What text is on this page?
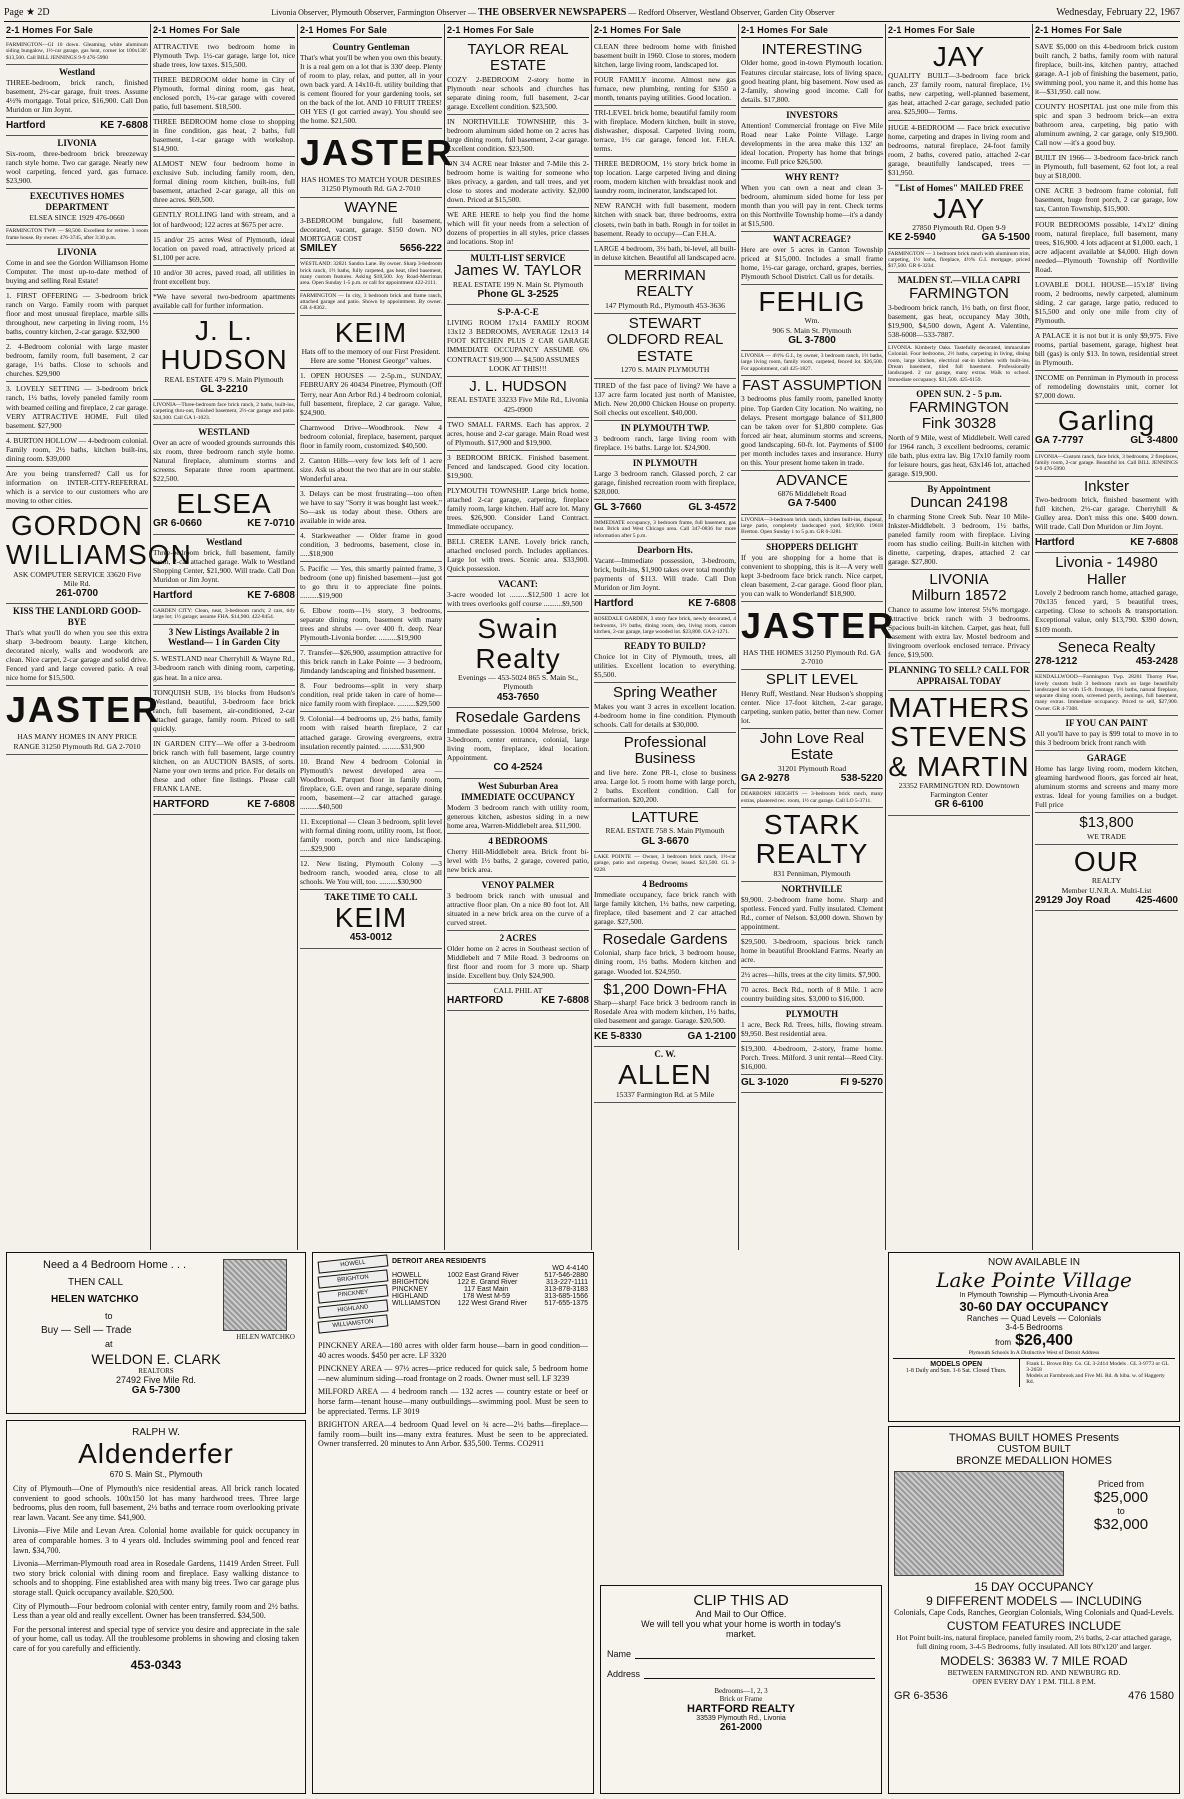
Page ★ 2D	Livonia Observer, Plymouth Observer, Farmington Observer — THE OBSERVER NEWSPAPERS — Redford Observer, Westland Observer, Garden City Observer	Wednesday, February 22, 1967
2-1 Homes For Sale

FARMINGTON—GI 10 down. Gleaming, white aluminum siding bungalow, 1½-car garage, gas heat, corner lot 100x130'. $13,500. Call BILL JENNINGS 9-9 476-5990

Westland

THREE-bedroom, brick ranch, finished basement, 2½-car garage, fruit trees. Assume 4½% mortgage. Total price, $16,900. Call Don Muridon or Jim Joynt.

Hartford	KE 7-6808
LIVONIA

Six-room, three-bedroom brick breezeway ranch style home. Two car garage. Nearly new wool carpeting, fenced yard, gas furnace. $23,900.

EXECUTIVES HOMES DEPARTMENT
ELSEA SINCE 1929 476-0660

FARMINGTON TWP. — $8,500. Excellent for retiree. 3 room frame house. By owner. 476-3745, after 3:30 p.m.

LIVONIA

Come in and see the Gordon Williamson Home Computer. The most up-to-date method of buying and selling Real Estate!

1. FIRST OFFERING — 3-bedroom brick ranch on Vargo. Family room with parquet floor and most unusual fireplace, marble sills throughout, new carpeting in living room, 1½ baths, country kitchen, 2-car garage. $32,900

2. 4-Bedroom colonial with large master bedroom, family room, full basement, 2 car garage, 1½ baths. Close to schools and churches. $29,900

3. LOVELY SETTING — 3-bedroom brick ranch, 1½ baths, lovely paneled family room with beamed ceiling and fireplace, 2 car garage. VERY ATTRACTIVE HOME. Full tiled basement. $27,900

4. BURTON HOLLOW — 4-bedroom colonial. Family room, 2½ baths, kitchen built-ins, dining room. $39,000

Are you being transferred? Call us for information on INTER-CITY-REFERRAL which is a service to our customers who are moving to other cities.

GORDON WILLIAMSON
ASK COMPUTER SERVICE 33620 Five Mile Rd.
261-0700
KISS THE LANDLORD GOOD-BYE

That's what you'll do when you see this extra sharp 3-bedroom beauty. Large kitchen, decorated nicely, walls and woodwork are clean. Nice carpet, 2-car garage and solid drive. Fenced yard and large covered patio. A real nice home for $15,500.

JASTER
HAS MANY HOMES IN ANY PRICE RANGE 31250 Plymouth Rd. GA 2-7010
2-1 Homes For Sale

ATTRACTIVE two bedroom home in Plymouth Twp. 1½-car garage, large lot, nice shade trees, low taxes. $15,500.

THREE BEDROOM older home in City of Plymouth, formal dining room, gas heat, enclosed porch, 1½-car garage with covered patio, full basement. $18,500.

THREE BEDROOM home close to shopping in fine condition, gas heat, 2 baths, full basement, 1-car garage with workshop. $14,900.

ALMOST NEW four bedroom home in exclusive Sub. including family room, den, formal dining room kitchen, built-ins, full basement, attached 2-car garage, all this on three acres. $69,500.

GENTLY ROLLING land with stream, and a lot of hardwood; 122 acres at $675 per acre.

15 and/or 25 acres West of Plymouth, ideal location on paved road, attractively priced at $1,100 per acre.

10 and/or 30 acres, paved road, all utilities in front excellent buy.

*We have several two-bedroom apartments available call for further information.

J. L. HUDSON
REAL ESTATE 479 S. Main Plymouth
GL 3-2210

LIVONIA—Three-bedroom face brick ranch, 2 baths, built-ins, carpeting thru-out, finished basement, 2½-car garage and patio. $24,300. Call GA 1-1023.

WESTLAND

Over an acre of wooded grounds surrounds this six room, three bedroom ranch style home. Natural fireplace, aluminum storms and screens. Separate three room apartment. $22,500.

ELSEA
GR 6-0660	KE 7-0710
Westland

Three-bedroom brick, full basement, family room, 2-car attached garage. Walk to Westland Shopping Center, $21,900. Will trade. Call Don Muridon or Jim Joynt.

Hartford	KE 7-6808

GARDEN CITY: Clean, neat, 3-bedroom ranch; 2 cars, tidy large lot; 1½ garage; assume FHA. $14,900. 422-8454.

3 New Listings Available 2 in Westland— 1 in Garden City

S. WESTLAND near Cherryhill & Wayne Rd., 3-bedroom ranch with dining room, carpeting, gas heat. In a nice area.

TONQUISH SUB, 1½ blocks from Hudson's Westland, beautiful, 3-bedroom face brick ranch, full basement, air-conditioned, 2-car attached garage, family room. Priced to sell quickly.

IN GARDEN CITY—We offer a 3-bedroom brick ranch with full basement, large country kitchen, on an AUCTION BASIS, of sorts. Name your own terms and price. For details on these and other fine listings. Please call FRANK LANE.

HARTFORD	KE 7-6808
2-1 Homes For Sale
Country Gentleman

That's what you'll be when you own this beauty. It is a real gem on a lot that is 330' deep. Plenty of room to play, relax, and putter, all in your own back yard. A 14x10-ft. utility building that is cement floored for your gardening tools, set on the back of the lot. AND 10 FRUIT TREES! OH YES (I got carried away). You should see the home. $21,500.

JASTER
HAS HOMES TO MATCH YOUR DESIRES 31250 Plymouth Rd. GA 2-7010
WAYNE

3-BEDROOM bungalow, full basement, decorated, vacant, garage. $150 down. NO MORTGAGE COST

SMILEY	5656-222

WESTLAND: 32821 Sandra Lane. By owner. Sharp 3-bedroom brick ranch, 1½ baths, fully carpeted, gas heat, tiled basement, many custom features. Asking $18,500. Joy Road-Merriman area. Open Sunday 1-5 p.m. or call for appointment 422-2111.

FARMINGTON — In city, 3 bedroom brick and frame ranch, attached garage and patio. Shown by appointment. By owner. GR 4-8362.

KEIM
Hats off to the memory of our First President. Here are some "Honest George" values.

1. OPEN HOUSES — 2-5p.m., SUNDAY, FEBRUARY 26 40434 Pinetree, Plymouth (Off Terry, near Ann Arbor Rd.) 4 bedroom colonial, full basement, fireplace, 2 car garage. Value, $24,900.

Charnwood Drive—Woodbrook. New 4 bedroom colonial, fireplace, basement, parquet floor in family room, customized. $40,500.

2. Canton Hills—very few lots left of 1 acre size. Ask us about the two that are in our stable. Wonderful area.

3. Delays can be most frustrating—too often we have to say "Sorry it was bought last week." So—ask us today about these. Others are available in wide area.

4. Starkweather — Older frame in good condition, 3 bedrooms, basement, close in. .....$18,900

5. Pacific — Yes, this smartly painted frame, 3 bedroom (one up) finished basement—just got to go thru it to appreciate fine points. ..........$19,900

6. Elbow room—1½ story, 3 bedrooms, separate dining room, basement with many trees and shrubs — over 400 ft. deep. Near Plymouth-Livonia border. ..........$19,900

7. Transfer—$26,900, assumption attractive for this brick ranch in Lake Pointe — 3 bedroom, Jimdandy landscaping and finished basement.

8. Four bedrooms—split in very sharp condition, real pride taken in care of home—nice family room with fireplace. ..........$29,500

9. Colonial—4 bedrooms up, 2½ baths, family room with raised hearth fireplace, 2 car attached garage. Growing evergreens, extra insulation recently painted. ..........$31,900

10. Brand New 4 bedroom Colonial in Plymouth's newest developed area — Woodbrook. Parquet floor in family room, fireplace, G.E. oven and range, separate dining room, basement—2 car attached garage. ..........$40,500

11. Exceptional — Clean 3 bedroom, split level with formal dining room, utility room, 1st floor, family room, porch and nice landscaping. ......$29,900

12. New listing, Plymouth Colony —3 bedroom ranch, wooded area, close to all schools. We You will, too. ..........$30,900

TAKE TIME TO CALL
KEIM
453-0012
2-1 Homes For Sale
TAYLOR REAL ESTATE

COZY 2-BEDROOM 2-story home in Plymouth near schools and churches has separate dining room, full basement, 2-car garage. Excellent condition. $23,500.

IN NORTHVILLE TOWNSHIP, this 3-bedroom aluminum sided home on 2 acres has large dining room, full basement, 2-car garage. Excellent condition. $23,500.

ON 3/4 ACRE near Inkster and 7-Mile this 2-bedroom home is waiting for someone who likes privacy, a garden, and tall trees, and yet close to stores and moderate activity. $2,000 down. Priced at $15,500.

WE ARE HERE to help you find the home which will fit your needs from a selection of dozens of properties in all styles, price classes and locations. Stop in!

MULTI-LIST SERVICE
James W. TAYLOR
REAL ESTATE 199 N. Main St. Plymouth
Phone GL 3-2525
S-P-A-C-E

LIVING ROOM 17x14 FAMILY ROOM 13x12 3 BEDROOMS, AVERAGE 12x13 14 FOOT KITCHEN PLUS 2 CAR GARAGE IMMEDIATE OCCUPANCY ASSUME 6% CONTRACT $19,900 — $4,500 ASSUMES

LOOK AT THIS!!!
J. L. HUDSON
REAL ESTATE 33233 Five Mile Rd., Livonia 425-0900

TWO SMALL FARMS. Each has approx. 2 acres, house and 2-car garage. Main Road west of Plymouth. $17,900 and $19,900.

3 BEDROOM BRICK. Finished basement. Fenced and landscaped. Good city location. $19,900.

PLYMOUTH TOWNSHIP. Large brick home, attached 2-car garage, carpeting, fireplace family room, large kitchen. Half acre lot. Many trees. $26,900. Consider Land Contract. Immediate occupancy.

BELL CREEK LANE. Lovely brick ranch, attached enclosed porch. Includes appliances. Large lot with trees. Scenic area. $33,900. Quick possession.

VACANT:

3-acre wooded lot ..........$12,500 1 acre lot with trees overlooks golf course ..........$9,500

Swain Realty
Evenings — 453-5024 865 S. Main St., Plymouth
453-7650
Rosedale Gardens

Immediate possession. 10004 Melrose, brick, 3-bedroom, center entrance, colonial, large living room, fireplace, ideal location. Appointment.

CO 4-2524
West Suburban Area
IMMEDIATE OCCUPANCY

Modern 3 bedroom ranch with utility room, generous kitchen, asbestos siding in a new home area, Warren-Middlebelt area. $11,900.

4 BEDROOMS

Cherry Hill-Middlebelt area. Brick front bi-level with 1½ baths, 2 garage, covered patio, new brick area.

VENOY PALMER

3 bedroom brick ranch with unusual and attractive floor plan. On a nice 80 foot lot. All situated in a new brick area on the curve of a curved street.

2 ACRES

Older home on 2 acres in Southeast section of Middlebelt and 7 Mile Road. 3 bedrooms on first floor and room for 3 more up. Sharp inside. Excellent buy. Only $24,900.

CALL PHIL AT
HARTFORD	KE 7-6808
2-1 Homes For Sale

CLEAN three bedroom home with finished basement built in 1960. Close to stores, modern kitchen, large living room, landscaped lot.

FOUR FAMILY income. Almost new gas furnace, new plumbing, renting for $350 a month, tenants paying utilities. Good location.

TRI-LEVEL brick home, beautiful family room with fireplace. Modern kitchen, built in stove, dishwasher, disposal. Carpeted living room, terrace, 1½ car garage, fenced lot. F.H.A. terms.

THREE BEDROOM, 1½ story brick home in top location. Large carpeted living and dining room, modern kitchen with breakfast nook and laundry room, incinerator, landscaped lot.

NEW RANCH with full basement, modern kitchen with snack bar, three bedrooms, extra closets, twin bath in bath. Rough in for toilet in basement. Ready to occupy—Can F.H.A.

LARGE 4 bedroom, 3½ bath, bi-level, all built-in deluxe kitchen. Beautiful all landscaped acre.

MERRIMAN REALTY
147 Plymouth Rd., Plymouth 453-3636
STEWART OLDFORD REAL ESTATE
1270 S. MAIN PLYMOUTH

TIRED of the fast pace of living? We have a 137 acre farm located just north of Manistee, Mich. New 20,000 Chicken House on property. Soil checks out excellent. $40,000.

IN PLYMOUTH TWP.

3 bedroom ranch, large living room with fireplace. 1½ baths. Large lot. $24,900.

IN PLYMOUTH

Large 3 bedroom ranch. Glassed porch, 2 car garage, finished recreation room with fireplace, $28,000.

GL 3-7660	GL 3-4572

IMMEDIATE occupancy, 3 bedroom frame, full basement, gas heat. Brick and West Chicago area. Call 347-0836 for more information after 5 p.m.

Dearborn Hts.

Vacant—Immediate possession, 3-bedroom, brick, built-ins, $1,900 takes over total monthly payments of $113. Will trade. Call Don Muridon or Jim Joynt.

Hartford	KE 7-6808

ROSEDALE GARDEN, 3 story face brick, newly decorated, 4 bedrooms, 1½ baths, dining room, den, living room, custom kitchen, 2-car garage, large wooded lot. $23,800. GA 2-1271.

READY TO BUILD?

Choice lot in City of Plymouth, trees, all utilities. Excellent location to everything. $5,500.

Spring Weather

Makes you want 3 acres in excellent location. 4-bedroom home in fine condition. Plymouth schools. Call for details at $30,000.

Professional Business

and live here. Zone PR-1, close to business area. Large lot. 5 room home with large porch, 2 baths. Excellent condition. Call for information. $20,200.

LATTURE
REAL ESTATE 758 S. Main Plymouth
GL 3-6670

LAKE POINTE — Owner, 3 bedroom brick ranch, 1½-car garage, patio and carpeting. Owner, leased. $21,500. GL 3-8228.

4 Bedrooms

Immediate occupancy, face brick ranch with large family kitchen, 1½ baths, new carpeting, fireplace, tiled basement and 2 car attached garage. $27,500.

Rosedale Gardens

Colonial, sharp face brick, 3 bedroom house, dining room, 1½ baths. Modern kitchen and garage. Wooded lot. $24,950.

$1,200 Down-FHA

Sharp—sharp! Face brick 3 bedroom ranch in Rosedale Area with modern kitchen, 1½ baths, tiled basement and garage. Garage. $20,500.

KE 5-8330	GA 1-2100
C. W.
ALLEN
15337 Farmington Rd. at 5 Mile
2-1 Homes For Sale
INTERESTING

Older home, good in-town Plymouth location. Features circular staircase, lots of living space, good heating plant, big basement. Now used as 2-family, showing good income. Call for details. $17,800.

INVESTORS

Attention! Commercial frontage on Five Mile Road near Lake Pointe Village. Large developments in the area make this 132' an ideal location. Property has home that brings income. Full price $26,500.

WHY RENT?

When you can own a neat and clean 3-bedroom, aluminum sided home for less per month than you will pay in rent. Check terms on this Northville Township home—it's a dandy at $15,500.

WANT ACREAGE?

Here are over 5 acres in Canton Township priced at $15,000. Includes a small frame home, 1½-car garage, orchard, grapes, berries, Plymouth School District. Call us for details.

FEHLIG
Wm.
906 S. Main St. Plymouth
GL 3-7800

LIVONIA — 4½% G.I., by owner, 3 bedroom ranch, 1½ baths, large living room, family room, carpeted, fenced lot. $26,500. For appointment, call 425-1827.

FAST ASSUMPTION

3 bedrooms plus family room, panelled knotty pine. Top Garden City location. No waiting, no delays. Present mortgage balance of $11,800 can be taken over for $1,800 complete. Gas forced air heat, aluminum storms and screens, good landscaping. 60-ft. lot. Payments of $100 per month includes taxes and insurance. Hurry on this. Your present home taken in trade.

ADVANCE
6876 Middlebelt Road
GA 7-5400

LIVONIA—3-bedroom brick ranch, kitchen built-ins, disposal, large patio, completely landscaped yard, $19,900. 19618 Bretton. Open Sunday 1 to 5 p.m. GR 6-3281.

SHOPPERS DELIGHT

If you are shopping for a home that is convenient to shopping, this is it—A very well kept 3-bedroom face brick ranch. Nice carpet, clean basement, 2-car garage. Good floor plan, you can walk to Wonderland! $18,900.

JASTER
HAS THE HOMES 31250 Plymouth Rd. GA 2-7010
SPLIT LEVEL

Henry Ruff, Westland. Near Hudson's shopping center. Nice 17-foot kitchen, 2-car garage, carpeting, sunken patio, better than new. Corner lot.

John Love Real Estate
31201 Plymouth Road
GA 2-9278	538-5220

DEARBORN HEIGHTS — 3-bedroom brick ranch, many extras, plastered rec. room, 1½ car garage. Call LO 5-3711.

STARK REALTY
831 Penniman, Plymouth
NORTHVILLE

$9,900. 2-bedroom frame home. Sharp and spotless. Fenced yard. Fully insulated. Clement Rd., corner of Nelson. $3,000 down. Shown by appointment.

$29,500. 3-bedroom, spacious brick ranch home in beautiful Brookland Farms. Nearly an acre.

2½ acres—hills, trees at the city limits. $7,900.

70 acres. Beck Rd., north of 8 Mile. 1 acre country building sites. $3,000 to $16,000.

PLYMOUTH

1 acre, Beck Rd. Trees, hills, flowing stream. $9,950. Best residential area.

$19,300. 4-bedroom, 2-story, frame home. Porch. Trees. Milford. 3 unit rental—Reed City. $16,000.

GL 3-1020	FI 9-5270
2-1 Homes For Sale
JAY

QUALITY BUILT—3-bedroom face brick ranch, 23' family room, natural fireplace, 1½ baths, new carpeting, well-planned basement, gas heat, attached 2-car garage, secluded patio area. $25,900— Terms.

HUGE 4-BEDROOM — Face brick executive home, carpeting and drapes in living room and bedrooms, natural fireplace, 24-foot family room, 2 baths, covered patio, attached 2-car garage, beautifully landscaped, trees — $31,950.

"List of Homes" MAILED FREE
JAY
27850 Plymouth Rd. Open 9-9
KE 2-5940	GA 5-1500

FARMINGTON — 3 bedroom brick ranch with aluminum trim, carpeting, 1½ baths, fireplace, 4½% G.I. mortgage, priced $17,500. GR 6-3234.

MALDEN ST.—VILLA CAPRI
FARMINGTON

3-bedroom brick ranch, 1½ bath, on first floor, basement, gas heat, occupancy May 30th, $19,900, $4,500 down, Agent A. Valentine, 538-6008—533-7887.

LIVONIA. Kimberly Oaks. Tastefully decorated, immaculate Colonial. Four bedrooms, 2½ baths, carpeting in living, dining room, large kitchen, electrical eat-in kitchen with built-ins. Dream basement, tiled full basement. Professionally landscaped. 2 car garage, many extras. Walk to school. Immediate occupancy. $31,500. 425-6159.

OPEN SUN. 2 - 5 p.m.
FARMINGTON
Fink 30328

North of 9 Mile, west of Middlebelt. Well cared for 1964 ranch, 3 excellent bedrooms, ceramic tile bath, plus extra lav. Big 17x10 family room for leisure hours, gas heat, 63x146 lot, attached garage. $19,900.

By Appointment
Duncan 24198

In charming Stone Creek Sub. Near 10 Mile-Inkster-Middlebelt. 3 bedroom, 1½ baths, paneled family room with fireplace. Living room has studio ceiling. Built-in kitchen with dinette, carpeting, drapes, attached 2 car garage. $27,800.

LIVONIA
Milburn 18572

Chance to assume low interest 5¼% mortgage. Attractive brick ranch with 3 bedrooms. Spacious built-in kitchen. Carpet, gas heat, full basement with extra lav. Mostel bedroom and livingroom overlook enclosed terrace. Privacy fence, $19,500.

PLANNING TO SELL? CALL FOR APPRAISAL TODAY
MATHERS STEVENS & MARTIN
23352 FARMINGTON RD. Downtown Farmington Center
GR 6-6100
2-1 Homes For Sale

SAVE $5,000 on this 4-bedroom brick custom built ranch, 2 baths, family room with natural fireplace, built-ins, kitchen pantry, attached garage. A-1 job of finishing the basement, patio, swimming pool, you name it, and this home has it—$31,950. call now.

COUNTY HOSPITAL just one mile from this spic and span 3 bedroom brick—an extra bathroom area, carpeting, big patio with aluminum awning, 2 car garage, only $19,900. Call now —it's a good buy.

BUILT IN 1966— 3-bedroom face-brick ranch in Plymouth, full basement, 62 foot lot, a real buy at $18,000.

ONE ACRE 3 bedroom frame colonial, full basement, huge front porch, 2 car garage, low tax, Canton Township, $15,900.

FOUR BEDROOMS possible, 14'x12' dining room, natural fireplace, full basement, many trees, $16,900. 4 lots adjacent at $1,000. each, 1 acre adjacent available at $4,000. High down needed—Plymouth Township off Northville Road.

LOVABLE DOLL HOUSE—15'x18' living room, 2 bedrooms, newly carpeted, aluminum siding, 2 car garage, large patio, reduced to $15,500 and only one mile from city of Plymouth.

A PALACE it is not but it is only $9,975. Five rooms, partial basement, garage, highest heat bill (gas) is only $13. In town, residential street in Plymouth.

INCOME on Penniman in Plymouth in process of remodeling downstairs unit, corner lot $7,000 down.

Garling
GA 7-7797	GL 3-4800

LIVONIA—Custom ranch, face brick, 3 bedrooms, 2 fireplaces, family room, 2-car garage. Beautiful lot. Call BILL JENNINGS 9-9 476-5990

Inkster

Two-bedroom brick, finished basement with full kitchen, 2½-car garage. Cherryhill & Gulley area. Don't miss this one. $400 down. Will trade. Call Don Muridon or Jim Joynt.

Hartford	KE 7-6808
Livonia - 14980 Haller

Lovely 2 bedroom ranch home, attached garage, 70x135 fenced yard, 5 beautiful trees, carpeting. Close to schools & transportation. Exceptional value, only $13,790. $390 down, $109 month.

Seneca Realty
278-1212	453-2428

KENDALLWOOD—Farmington Twp. 28201 Thorny Pine, lovely custom built 3 bedroom ranch on large beautifully landscaped lot with 15-ft. frontage, 1½ baths, natural fireplace, separate dining room, screened porch, awnings, full basement, many extras. Immediate occupancy. Priced to sell, $27,900. Owner. GR 4-7308.

IF YOU CAN PAINT

All you'll have to pay is $99 total to move in to this 3 bedroom brick front ranch with

GARAGE

Home has large living room, modern kitchen, gleaming hardwood floors, gas forced air heat, aluminum storms and screens and many more extras. Ideal for young families on a budget. Full price

$13,800
WE TRADE
OUR
REALTY
Member U.N.R.A. Multi-List
29129 Joy Road	425-4600
Need a 4 Bedroom Home . . .
THEN CALL
HELEN WATCHKO
HELEN WATCHKO
to
Buy — Sell — Trade
at
WELDON E. CLARK
REALTORS
27492 Five Mile Rd.
GA 5-7300
RALPH W.
Aldenderfer
670 S. Main St., Plymouth

City of Plymouth—One of Plymouth's nice residential areas. All brick ranch located convenient to good schools. 100x150 lot has many hardwood trees. Three large bedrooms, plus den room, full basement, 2½ baths and terrace room overlooking private rear lawn. Vacant. See any time. $41,900.

Livonia—Five Mile and Levan Area. Colonial home available for quick occupancy in area of comparable homes. 3 to 4 years old. Includes swimming pool and fenced rear lawn. $34,700.

Livonia—Merriman-Plymouth road area in Rosedale Gardens, 11419 Arden Street. Full two story brick colonial with dining room and fireplace. Easy walking distance to schools and to shopping. Fine established area with many big trees. Two car garage plus storage stall. Quick occupancy available. $20,500.

City of Plymouth—Four bedroom colonial with center entry, family room and 2½ baths. Less than a year old and really excellent. Owner has been transferred. $34,500.

For the personal interest and special type of service you desire and appreciate in the sale of your home, call us today. All the troublesome problems in showing and closing taken care of for you carefully and efficiently.

453-0343
HOWELL
BRIGHTON
PINCKNEY
HIGHLAND
WILLIAMSTON
DETROIT AREA RESIDENTS
WO 4-4140
HOWELL	1002 East Grand River	517-546-2880
BRIGHTON	122 E. Grand River	313-227-1111
PINCKNEY	117 East Main	313-878-3183
HIGHLAND	178 West M-59	313-685-1566
WILLIAMSTON	122 West Grand River	517-655-1375

PINCKNEY AREA—180 acres with older farm house—barn in good condition—40 acres woods. $450 per acre. LF 3320

PINCKNEY AREA — 97½ acres—price reduced for quick sale, 5 bedroom home—new aluminum siding—road frontage on 2 roads. Owner must sell. LF 3239

MILFORD AREA — 4 bedroom ranch — 132 acres — country estate or beef or horse farm—tenant house—many outbuildings—swimming pool. Must be seen to be appreciated. Terms. LF 3019

BRIGHTON AREA—4 bedroom Quad level on ¾ acre—2½ baths—fireplace—family room—built ins—many extra features. Must be seen to be appreciated. Owner transferred. 20 minutes to Ann Arbor. $35,500. Terms. CO2911

CLIP THIS AD
And Mail to Our Office.
We will tell you what your home is worth in today's market.
Name
Address
Bedrooms—1, 2, 3
Brick or Frame
HARTFORD REALTY
33539 Plymouth Rd., Livonia
261-2000
NOW AVAILABLE IN
Lake Pointe Village
In Plymouth Township — Plymouth-Livonia Area
30-60 DAY OCCUPANCY
Ranches — Quad Levels — Colonials
3-4-5 Bedrooms
from $26,400
Plymouth Schools In A Distinctive West of Detroit Address
MODELS OPEN
1-8 Daily and Sun. 1-6 Sat. Closed Thurs.
Frank L. Brown Rlty. Co. GL 3-2414 Models . GL 3-9773 or GL 3-2658
Models at Farmbrook and Five Mi. Rd. & hiba. w. of Haggerty Rd.
THOMAS BUILT HOMES Presents
CUSTOM BUILT
BRONZE MEDALLION HOMES
Priced from
$25,000
to
$32,000
15 DAY OCCUPANCY
9 DIFFERENT MODELS — INCLUDING
Colonials, Cape Cods, Ranches, Georgian Colonials, Wing Colonials and Quad-Levels.
CUSTOM FEATURES INCLUDE
Hot Point built-ins, natural fireplace, paneled family room, 2½ baths, 2-car attached garage, full dining room, 3-4-5 Bedrooms, fully insulated. All lots 80'x120' and larger.
MODELS: 36383 W. 7 MILE ROAD
BETWEEN FARMINGTON RD. AND NEWBURG RD.
OPEN EVERY DAY 1 P.M. TILL 8 P.M.
GR 6-3536	476 1580
